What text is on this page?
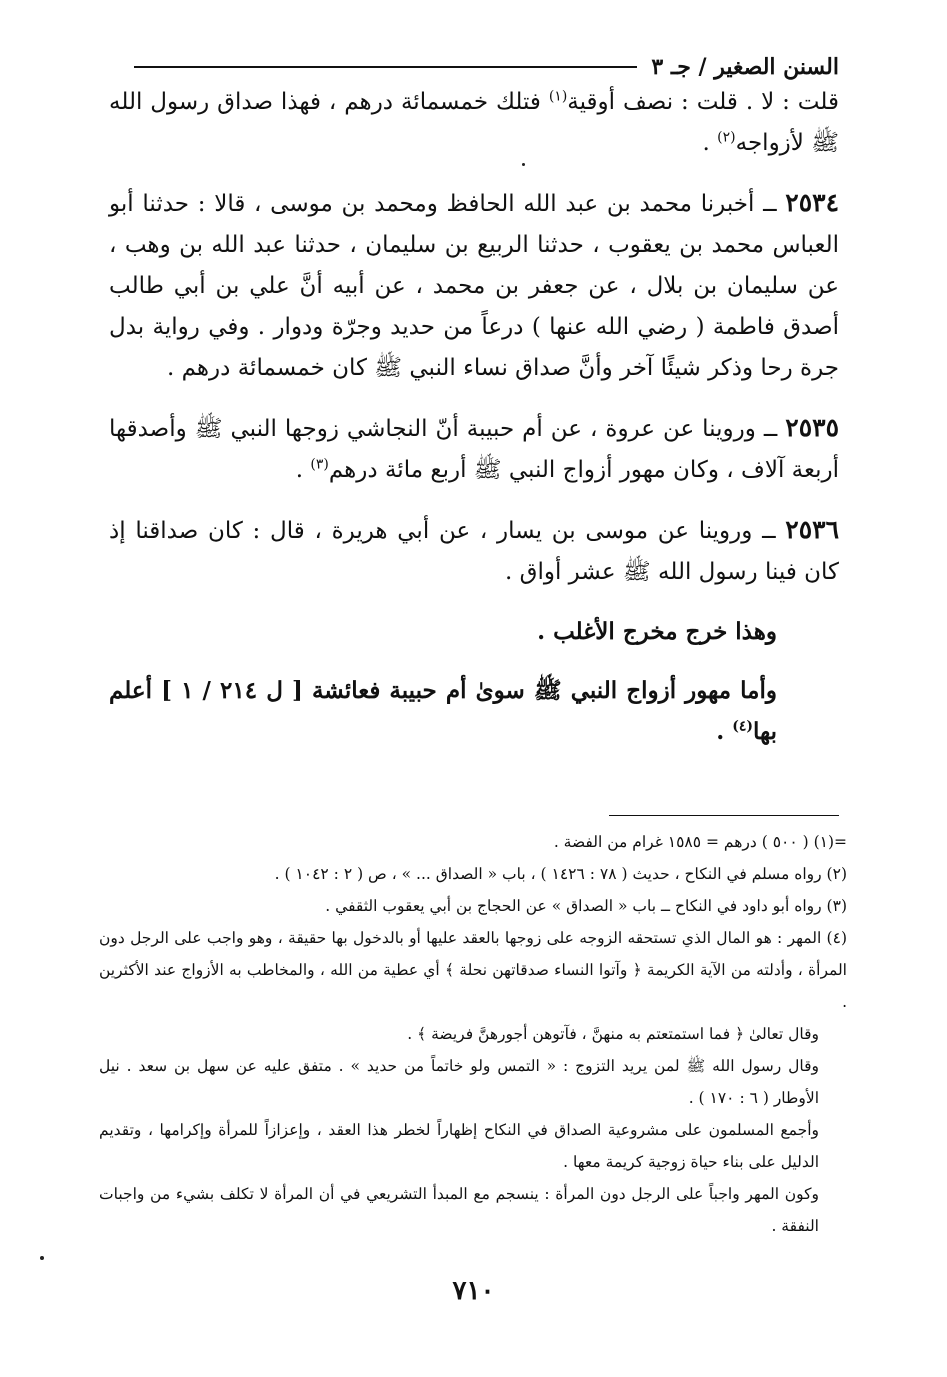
السنن الصغير / جـ ٣

قلت : لا . قلت : نصف أوقية$^{(١)}$ فتلك خمسمائة درهم ، فهذا صداق رسول الله ﷺ لأزواجه$^{(٢)}$ .

٢٥٣٤ ــ أخبرنا محمد بن عبد الله الحافظ ومحمد بن موسى ، قالا : حدثنا أبو العباس محمد بن يعقوب ، حدثنا الربيع بن سليمان ، حدثنا عبد الله بن وهب ، عن سليمان بن بلال ، عن جعفر بن محمد ، عن أبيه أنَّ علي بن أبي طالب أصدق فاطمة ( رضي الله عنها ) درعاً من حديد وجرّة ودوار . وفي رواية بدل جرة رحا وذكر شيئًا آخر وأنَّ صداق نساء النبي ﷺ كان خمسمائة درهم .

٢٥٣٥ ــ وروينا عن عروة ، عن أم حبيبة أنّ النجاشي زوجها النبي ﷺ وأصدقها أربعة آلاف ، وكان مهور أزواج النبي ﷺ أربع مائة درهم$^{(٣)}$ .

٢٥٣٦ ــ وروينا عن موسى بن يسار ، عن أبي هريرة ، قال : كان صداقنا إذ كان فينا رسول الله ﷺ عشر أواق .

وهذا خرج مخرج الأغلب .

وأما مهور أزواج النبي ﷺ سوىٰ أم حبيبة فعائشة [ ل ٢١٤ / ١ ] أعلم بها$^{(٤)}$ .

=(١) ( ٥٠٠ ) درهم = ١٥٨٥ غرام من الفضة .

(٢) رواه مسلم في النكاح ، حديث ( ٧٨ : ١٤٢٦ ) ، باب « الصداق ... » ، ص ( ٢ : ١٠٤٢ ) .

(٣) رواه أبو داود في النكاح ــ باب « الصداق » عن الحجاج بن أبي يعقوب الثقفي .

(٤) المهر : هو المال الذي تستحقه الزوجه على زوجها بالعقد عليها أو بالدخول بها حقيقة ، وهو واجب على الرجل دون المرأة ، وأدلته من الآية الكريمة ﴿ وآتوا النساء صدقاتهن نحلة ﴾ أي عطية من الله ، والمخاطب به الأزواج عند الأكثرين .

وقال تعالىٰ ﴿ فما استمتعتم به منهنَّ ، فآتوهن أجورهنَّ فريضة ﴾ .

وقال رسول الله ﷺ لمن يريد التزوج : « التمس ولو خاتماً من حديد » . متفق عليه عن سهل بن سعد . نيل الأوطار ( ٦ : ١٧٠ ) .

وأجمع المسلمون على مشروعية الصداق في النكاح إظهاراً لخطر هذا العقد ، وإعزازاً للمرأة وإكرامها ، وتقديم الدليل على بناء حياة زوجية كريمة معها .

وكون المهر واجباً على الرجل دون المرأة : ينسجم مع المبدأ التشريعي في أن المرأة لا تكلف بشيء من واجبات النفقة .

٧١٠
